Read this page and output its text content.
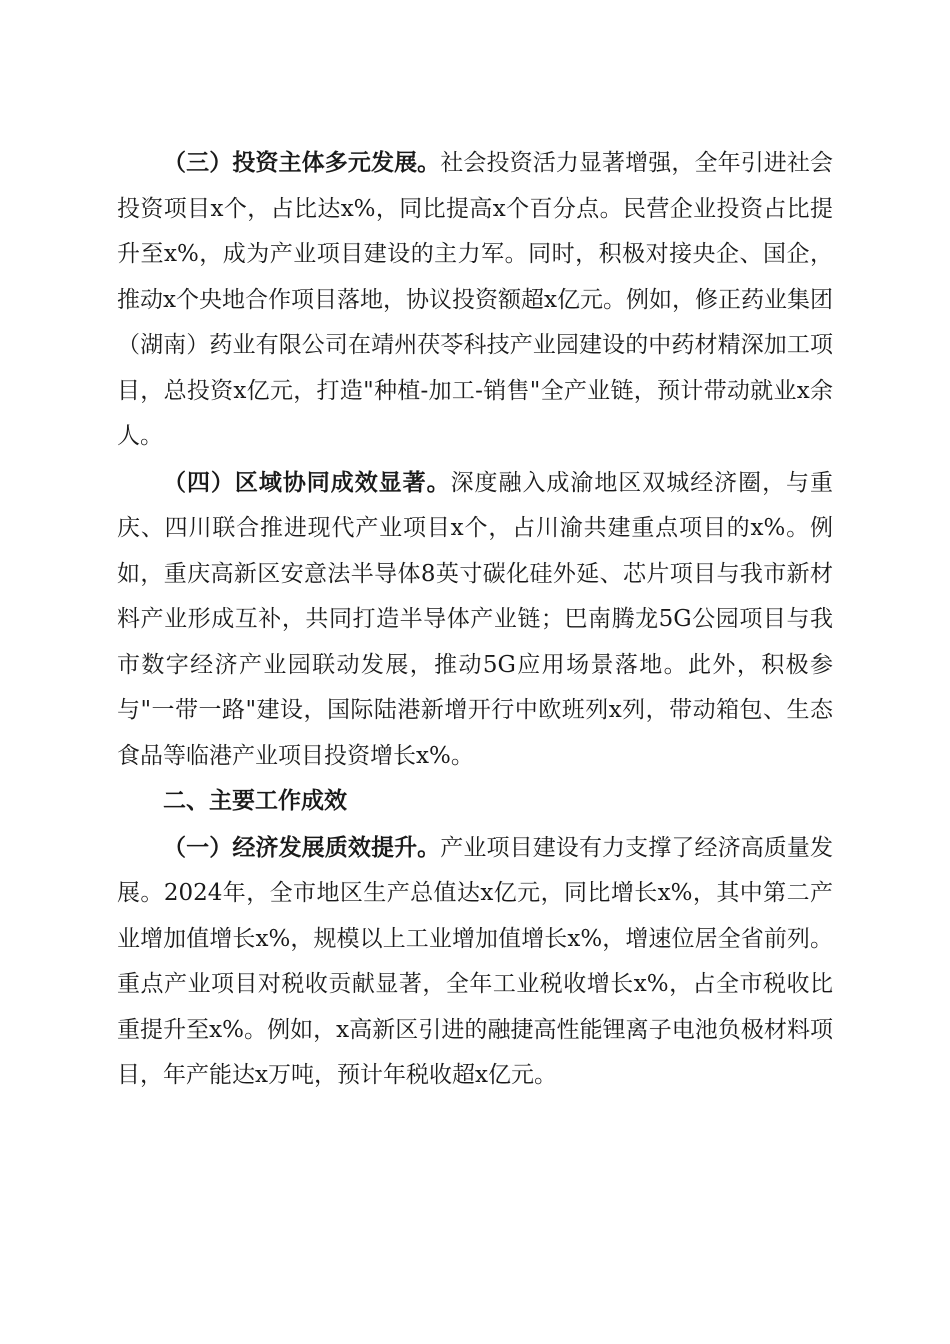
（三）投资主体多元发展。社会投资活力显著增强，全年引进社会投资项目x个，占比达x%，同比提高x个百分点。民营企业投资占比提升至x%，成为产业项目建设的主力军。同时，积极对接央企、国企，推动x个央地合作项目落地，协议投资额超x亿元。例如，修正药业集团（湖南）药业有限公司在靖州茯苓科技产业园建设的中药材精深加工项目，总投资x亿元，打造"种植-加工-销售"全产业链，预计带动就业x余人。

（四）区域协同成效显著。深度融入成渝地区双城经济圈，与重庆、四川联合推进现代产业项目x个，占川渝共建重点项目的x%。例如，重庆高新区安意法半导体8英寸碳化硅外延、芯片项目与我市新材料产业形成互补，共同打造半导体产业链；巴南腾龙5G公园项目与我市数字经济产业园联动发展，推动5G应用场景落地。此外，积极参与"一带一路"建设，国际陆港新增开行中欧班列x列，带动箱包、生态食品等临港产业项目投资增长x%。

二、主要工作成效

（一）经济发展质效提升。产业项目建设有力支撑了经济高质量发展。2024年，全市地区生产总值达x亿元，同比增长x%，其中第二产业增加值增长x%，规模以上工业增加值增长x%，增速位居全省前列。重点产业项目对税收贡献显著，全年工业税收增长x%，占全市税收比重提升至x%。例如，x高新区引进的融捷高性能锂离子电池负极材料项目，年产能达x万吨，预计年税收超x亿元。
